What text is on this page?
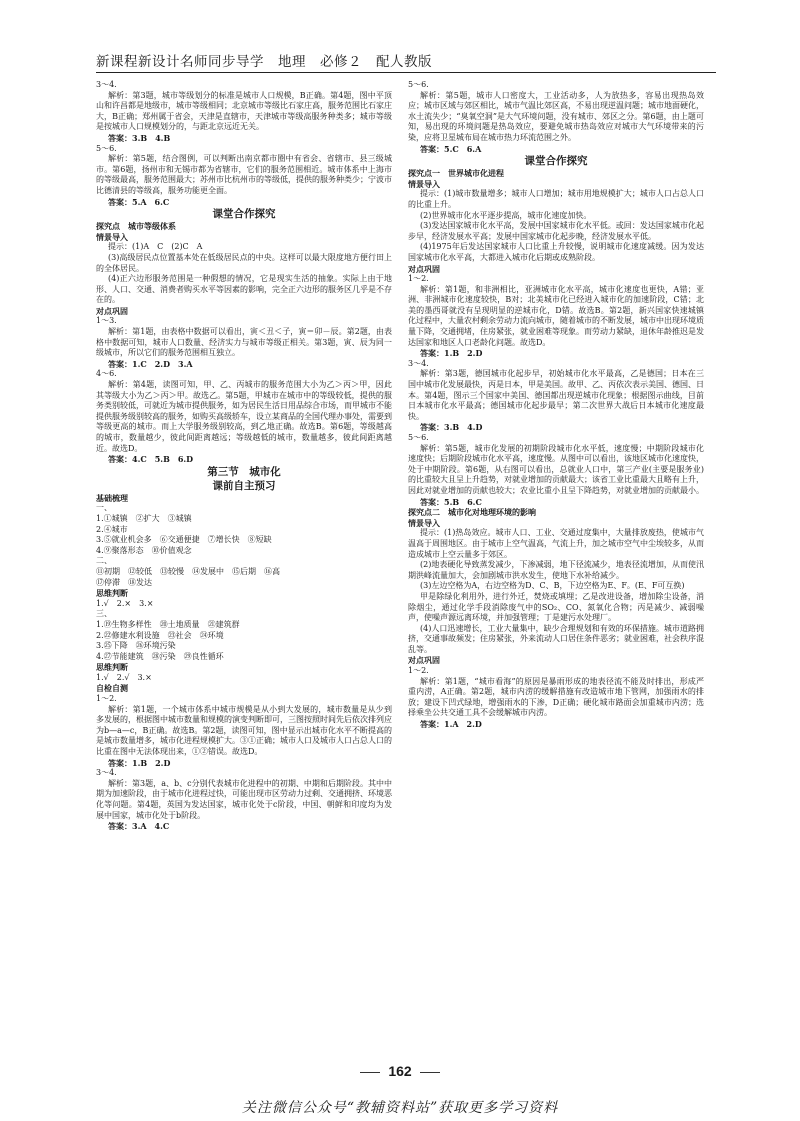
新课程新设计名师同步导学　地理　必修２　配人教版

3～4.

解析：第3题，城市等级划分的标准是城市人口规模，B正确。第4题，图中平顶山和许昌都是地级市，城市等级相同；北京城市等级比石家庄高，服务范围比石家庄大，B正确；郑州属于省会，天津是直辖市，天津城市等级高服务种类多；城市等级是按城市人口规模划分的，与距北京远近无关。

答案：3.B　4.B

5～6.

解析：第5题，结合图例，可以判断出南京都市圈中有省会、省辖市、县三级城市。第6题，扬州市和无锡市都为省辖市，它们的服务范围相近。城市体系中上海市的等级最高，服务范围最大；苏州市比杭州市的等级低，提供的服务种类少；宁波市比德清县的等级高，服务功能更全面。

答案：5.A　6.C

课堂合作探究

探究点　城市等级体系

情景导入

提示：(1)A　C　(2)C　A

(3)高级居民点位置基本处在低级居民点的中央。这样可以最大限度地方便行田上的全体居民。

(4)正六边形服务范围是一种假想的情况，它是现实生活的抽象。实际上由于地形、人口、交通、消费者购买水平等因素的影响，完全正六边形的服务区几乎是不存在的。

对点巩固

1～3.

解析：第1题，由表格中数据可以看出，寅＜丑＜子，寅＝卯－辰。第2题，由表格中数据可知，城市人口数量、经济实力与城市等级正相关。第3题，寅、辰为同一级城市，所以它们的服务范围相互独立。

答案：1.C　2.D　3.A

4～6.

解析：第4题，读图可知，甲、乙、丙城市的服务范围大小为乙＞丙＞甲，因此其等级大小为乙＞丙＞甲。故选乙。第5题，甲城市在城市中的等级较低，提供的服务类别较低，可就近为城市提供服务，如为居民生活日用品综合市场，而甲城市不能提供服务级别较高的服务，如购买高级轿车，设立某商品的全国代理办事处，需要到等级更高的城市。而上大学服务级别较高，到乙地正确。故选B。第6题，等级越高的城市，数量越少，彼此间距离越远；等级越低的城市，数量越多，彼此间距离越近。故选D。

答案：4.C　5.B　6.D

第三节　城市化
课前自主预习

基础梳理

一、

1.①城镇　②扩大　③城镇

2.④城市

3.⑤就业机会多　⑥交通便捷　⑦增长快　⑧短缺

4.⑨聚落形态　⑩价值观念

二、

⑪初期　⑫较低　⑬较慢　⑭发展中　⑮后期　⑯高

⑰停滞　⑱发达

思维判断

1.√　2.×　3.×

三、

1.⑲生物多样性　⑳土地质量　㉑建筑群

2.㉒修建水利设施　㉓社会　㉔环境

3.㉕下降　㉖环境污染

4.㉗节能建筑　㉘污染　㉙良性循环

思维判断

1.√　2.√　3.×

自检自测

1～2.

解析：第1题，一个城市体系中城市规模是从小到大发展的，城市数量是从少到多发展的，根据图中城市数量和规模的演变判断即可，三图按照时间先后依次排列应为b—a—c，B正确。故选B。第2题，读图可知，图中显示出城市化水平不断提高的是城市数量增多，城市化进程规模扩大。③①正确；城市人口及城市人口占总人口的比重在图中无法体现出来，①②错误。故选D。

答案：1.B　2.D

3～4.

解析：第3题，a、b、c分别代表城市化进程中的初期、中期和后期阶段。其中中期为加速阶段，由于城市化进程过快，可能出现市区劳动力过剩、交通拥挤、环境恶化等问题。第4题，英国为发达国家，城市化处于c阶段，中国、朝鲜和印度均为发展中国家，城市化处于b阶段。

答案：3.A　4.C

5～6.

解析：第5题，城市人口密度大，工业活动多，人为放热多，容易出现热岛效应；城市区域与郊区相比，城市气温比郊区高，不易出现逆温问题；城市地面硬化，水土流失少；“臭氧空洞”是大气环境问题，没有城市、郊区之分。第6题，由上题可知，易出现的环境问题是热岛效应，要避免城市热岛效应对城市大气环境带来的污染，应将卫星城布局在城市热力环流范围之外。

答案：5.C　6.A

课堂合作探究

探究点一　世界城市化进程

情景导入

提示：(1)城市数量增多；城市人口增加；城市用地规模扩大；城市人口占总人口的比重上升。

(2)世界城市化水平逐步提高，城市化速度加快。

(3)发达国家城市化水平高，发展中国家城市化水平低。或回：发达国家城市化起步早，经济发展水平高；发展中国家城市化起步晚，经济发展水平低。

(4)1975年后发达国家城市人口比重上升较慢，说明城市化速度减缓。因为发达国家城市化水平高，大都进入城市化后期或成熟阶段。

对点巩固

1～2.

解析：第1题，和非洲相比，亚洲城市化水平高，城市化速度也更快，A错；亚洲、非洲城市化速度较快，B对；北美城市化已经进入城市化的加速阶段，C错；北美的墨西哥就没有呈现明显的逆城市化，D错。故选B。第2题，新兴国家快速城镇化过程中，大量农村剩余劳动力流向城市，随着城市的不断发展，城市中出现环境质量下降，交通拥堵，住房紧张，就业困难等现象。而劳动力紧缺，退休年龄推迟是发达国家和地区人口老龄化问题。故选D。

答案：1.B　2.D

3～4.

解析：第3题，德国城市化起步早，初始城市化水平最高，乙是德国；日本在三国中城市化发展最快，丙是日本，甲是美国。故甲、乙、丙依次表示美国、德国、日本。第4题，图示三个国家中美国、德国都出现逆城市化现象；根据图示曲线，目前日本城市化水平最高；德国城市化起步最早；第二次世界大战后日本城市化速度最快。

答案：3.B　4.D

5～6.

解析：第5题，城市化发展的初期阶段城市化水平低，速度慢；中期阶段城市化速度快；后期阶段城市化水平高，速度慢。从图中可以看出，该地区城市化速度快，处于中期阶段。第6题，从右图可以看出，总就业人口中，第三产业(主要是服务业)的比重较大且呈上升趋势，对就业增加的贡献最大；该省工业比重最大且略有上升，因此对就业增加的贡献也较大；农业比重小且呈下降趋势，对就业增加的贡献最小。

答案：5.B　6.C

探究点二　城市化对地理环境的影响

情景导入

提示：(1)热岛效应。城市人口、工业、交通过度集中，大量排放废热，使城市气温高于周围地区。由于城市上空气温高，气流上升，加之城市空气中尘埃较多，从而造成城市上空云量多于郊区。

(2)地表硬化导致蒸发减少，下渗减弱，地下径流减少，地表径流增加，从而使汛期洪峰流量加大，会加剧城市洪水发生，使地下水补给减少。

(3)左边空格为A，右边空格为D、C、B，下边空格为E、F。(E、F可互换)

甲是除绿化利用外，进行外迁，焚烧或填埋；乙是改进设备，增加除尘设备，消除烟尘，通过化学手段消除废气中的SO₂、CO、氮氧化合物；丙是减少、减弱噪声，使噪声源远离环境，并加强管理；丁是建污水处理厂。

(4)人口迅速增长，工业大量集中，缺少合理规划和有效的环保措施。城市道路拥挤，交通事故频发；住房紧张，外来流动人口居住条件恶劣；就业困难，社会秩序混乱等。

对点巩固

1～2.

解析：第1题，“城市看海”的原因是暴雨形成的地表径流不能及时排出，形成严重内涝，A正确。第2题，城市内涝的缓解措施有改造城市地下管网，加强雨水的排放；建设下凹式绿地，增强雨水的下渗，D正确；硬化城市路面会加重城市内涝；选择乘坐公共交通工具不会缓解城市内涝。

答案：1.A　2.D

162
关注微信公众号“教辅资料站”获取更多学习资料
